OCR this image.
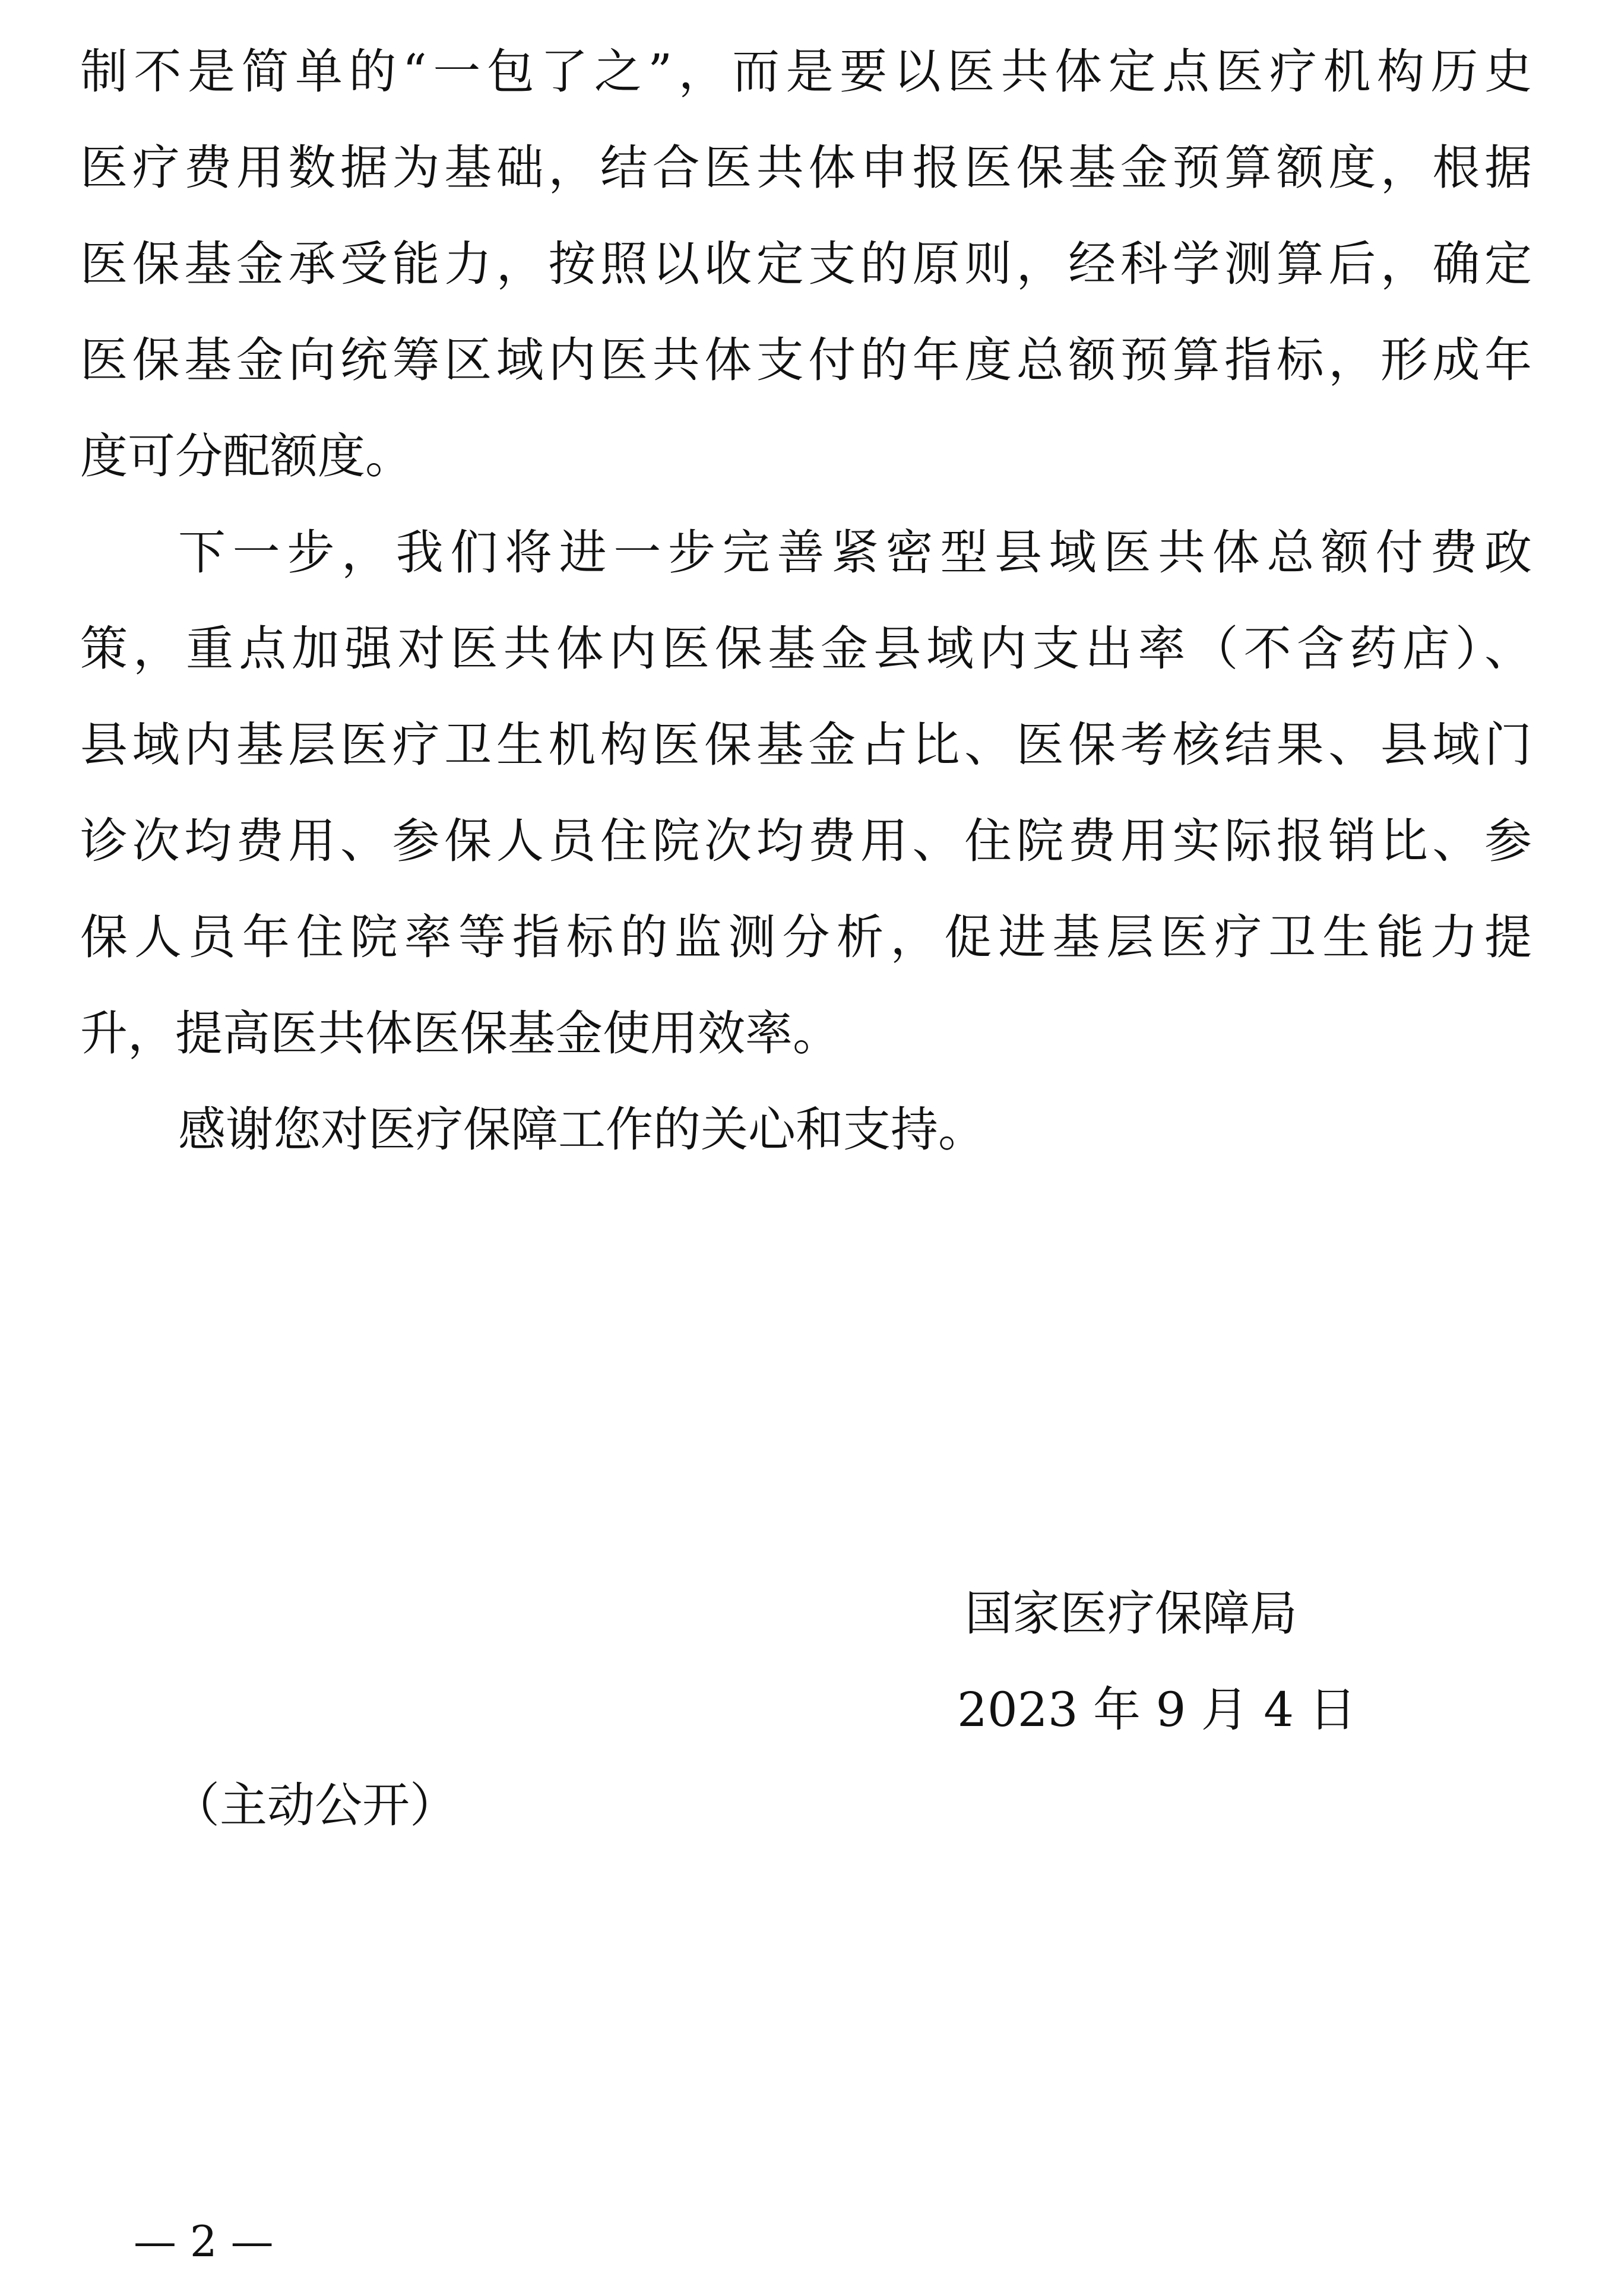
制不是简单的“一包了之”，而是要以医共体定点医疗机构历史
医疗费用数据为基础，结合医共体申报医保基金预算额度，根据
医保基金承受能力，按照以收定支的原则，经科学测算后，确定
医保基金向统筹区域内医共体支付的年度总额预算指标，形成年
度可分配额度。
下一步，我们将进一步完善紧密型县域医共体总额付费政
策，重点加强对医共体内医保基金县域内支出率（不含药店）、
县域内基层医疗卫生机构医保基金占比、医保考核结果、县域门
诊次均费用、参保人员住院次均费用、住院费用实际报销比、参
保人员年住院率等指标的监测分析，促进基层医疗卫生能力提
升，提高医共体医保基金使用效率。
感谢您对医疗保障工作的关心和支持。
国家医疗保障局
2023 年 9 月 4 日
（主动公开）
— 2 —
